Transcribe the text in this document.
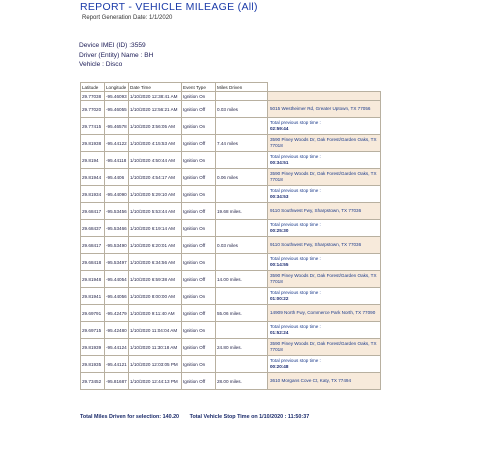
REPORT - VEHICLE MILEAGE (All)
Report Generation Date: 1/1/2020
Device IMEI (ID) :3559
Driver (Entity) Name : BH
Vehicle : Disco
Latitude	Longitude	Date Time	Event Type	Miles Driven	
29.77038	-95.46093	1/10/2020 12:38:41 AM	Ignition On		
29.77020	-95.46055	1/10/2020 12:56:21 AM	Ignition Off	0.03 miles	5015 Westheimer Rd, Greater Uptown, TX 77056
29.77415	-95.46578	1/10/2020 3:56:05 AM	Ignition On		Total previous stop time :
02:59:44
29.81938	-95.44122	1/10/2020 4:15:53 AM	Ignition Off	7.44 miles	3590 Piney Woods Dr, Oak Forest/Garden Oaks, TX 77018
29.8194	-95.44118	1/10/2020 4:50:44 AM	Ignition On		Total previous stop time :
00:34:51
29.81944	-95.4406	1/10/2020 4:54:17 AM	Ignition Off	0.06 miles	3590 Piney Woods Dr, Oak Forest/Garden Oaks, TX 77018
29.81934	-95.44090	1/10/2020 5:29:10 AM	Ignition On		Total previous stop time :
00:34:53
29.68417	-95.53456	1/10/2020 5:53:44 AM	Ignition Off	19.68 miles.	9110 Southwest Fwy, Sharpstown, TX 77036
29.68437	-95.53466	1/10/2020 6:19:14 AM	Ignition On		Total previous stop time :
00:25:30
29.68417	-95.53490	1/10/2020 6:20:01 AM	Ignition Off	0.03 miles	9110 Southwest Fwy, Sharpstown, TX 77036
29.68418	-95.53497	1/10/2020 6:34:56 AM	Ignition On		Total previous stop time :
00:14:55
29.81948	-95.44054	1/10/2020 6:59:38 AM	Ignition Off	14.00 miles.	3590 Piney Woods Dr, Oak Forest/Garden Oaks, TX 77018
29.81941	-95.44056	1/10/2020 8:00:00 AM	Ignition On		Total previous stop time :
01:00:22
29.69791	-95.42479	1/10/2020 9:11:40 AM	Ignition Off	55.06 miles.	14909 North Fwy, Commerce Park North, TX 77090
29.69715	-95.42480	1/10/2020 11:04:04 AM	Ignition On		Total previous stop time :
01:52:24
29.81939	-95.44124	1/10/2020 11:30:18 AM	Ignition Off	24.80 miles.	3590 Piney Woods Dr, Oak Forest/Garden Oaks, TX 77018
29.81935	-95.44121	1/10/2020 12:03:05 PM	Ignition On		Total previous stop time :
00:20:48
29.73452	-95.81687	1/10/2020 12:44:13 PM	Ignition Off	28.00 miles.	3610 Morgans Cove Ct, Katy, TX 77494
Total Miles Driven for selection: 140.20 Total Vehicle Stop Time on 1/10/2020 : 11:50:37
